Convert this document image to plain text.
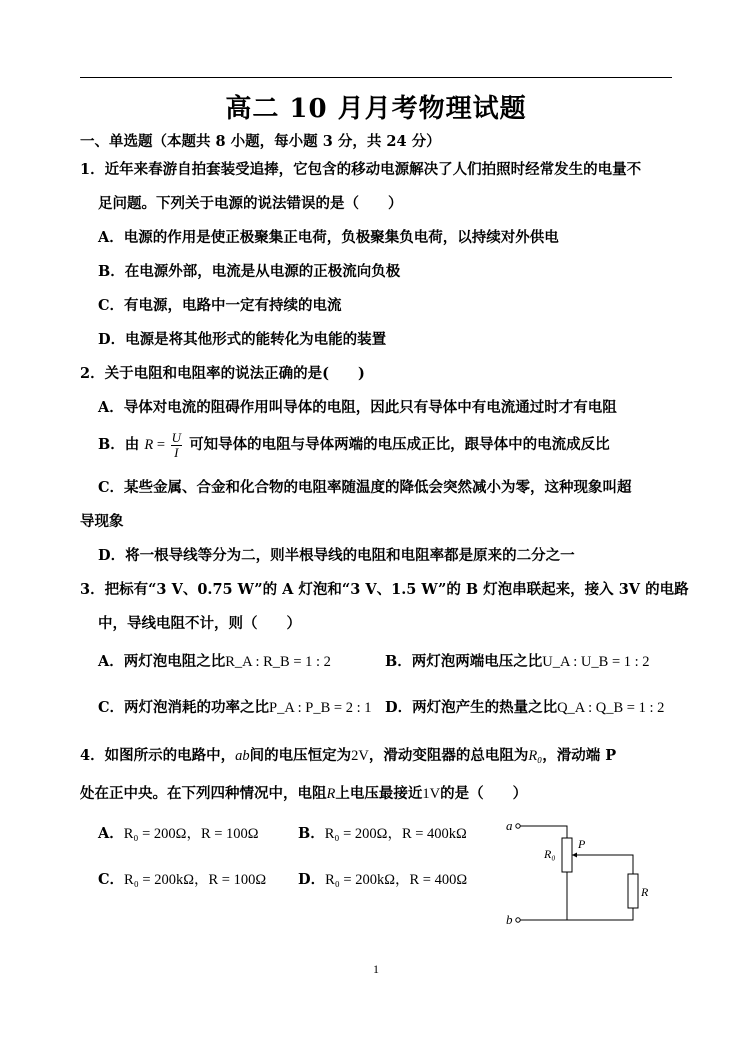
高二 10 月月考物理试题
一、单选题（本题共 8 小题，每小题 3 分，共 24 分）
1．近年来春游自拍套装受追捧，它包含的移动电源解决了人们拍照时经常发生的电量不
足问题。下列关于电源的说法错误的是（　　）
A．电源的作用是使正极聚集正电荷，负极聚集负电荷，以持续对外供电
B．在电源外部，电流是从电源的正极流向负极
C．有电源，电路中一定有持续的电流
D．电源是将其他形式的能转化为电能的装置
2．关于电阻和电阻率的说法正确的是(　　)
A．导体对电流的阻碍作用叫导体的电阻，因此只有导体中有电流通过时才有电阻
B．由 $R = \frac{U}{I}$ 可知导体的电阻与导体两端的电压成正比，跟导体中的电流成反比
C．某些金属、合金和化合物的电阻率随温度的降低会突然减小为零，这种现象叫超
导现象
D．将一根导线等分为二，则半根导线的电阻和电阻率都是原来的二分之一
3．把标有“3 V、0.75 W”的 A 灯泡和“3 V、1.5 W”的 B 灯泡串联起来，接入 3V 的电路
中，导线电阻不计，则（　　）
A．两灯泡电阻之比R_A : R_B = 1 : 2	B．两灯泡两端电压之比U_A : U_B = 1 : 2
C．两灯泡消耗的功率之比P_A : P_B = 2 : 1 D．两灯泡产生的热量之比Q_A : Q_B = 1 : 2
4．如图所示的电路中，ab间的电压恒定为2V，滑动变阻器的总电阻为R₀，滑动端 P
处在正中央。在下列四种情况中，电阻R上电压最接近1V的是（　　）
A．R₀ = 200Ω，R = 100Ω	B．R₀ = 200Ω，R = 400kΩ
C．R₀ = 200kΩ，R = 100Ω D．R₀ = 200kΩ，R = 400Ω
a
b
R₀
P
R
1
